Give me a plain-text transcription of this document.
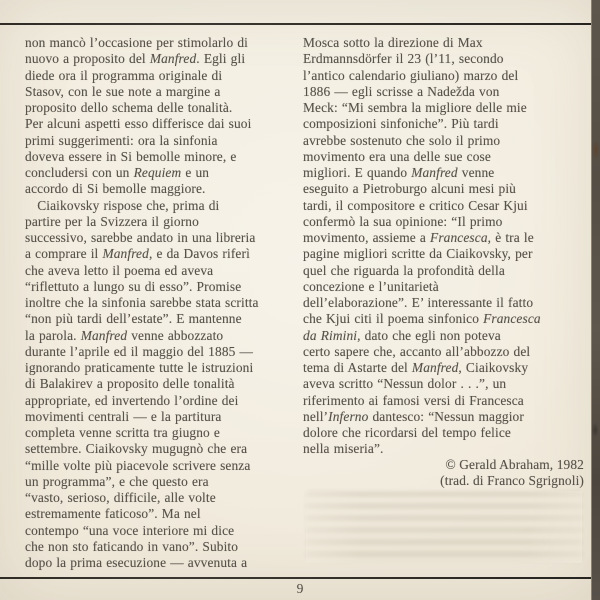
non mancò l’occasione per stimolarlo di
nuovo a proposito del Manfred. Egli gli
diede ora il programma originale di
Stasov, con le sue note a margine a
proposito dello schema delle tonalità.
Per alcuni aspetti esso differisce dai suoi
primi suggerimenti: ora la sinfonia
doveva essere in Si bemolle minore, e
concludersi con un Requiem e un
accordo di Si bemolle maggiore.
Ciaikovsky rispose che, prima di
partire per la Svizzera il giorno
successivo, sarebbe andato in una libreria
a comprare il Manfred, e da Davos riferì
che aveva letto il poema ed aveva
“riflettuto a lungo su di esso”. Promise
inoltre che la sinfonia sarebbe stata scritta
“non più tardi dell’estate”. E mantenne
la parola. Manfred venne abbozzato
durante l’aprile ed il maggio del 1885 —
ignorando praticamente tutte le istruzioni
di Balakirev a proposito delle tonalità
appropriate, ed invertendo l’ordine dei
movimenti centrali — e la partitura
completa venne scritta tra giugno e
settembre. Ciaikovsky mugugnò che era
“mille volte più piacevole scrivere senza
un programma”, e che questo era
“vasto, serioso, difficile, alle volte
estremamente faticoso”. Ma nel
contempo “una voce interiore mi dice
che non sto faticando in vano”. Subito
dopo la prima esecuzione — avvenuta a
Mosca sotto la direzione di Max
Erdmannsdörfer il 23 (l’11, secondo
l’antico calendario giuliano) marzo del
1886 — egli scrisse a Nadežda von
Meck: “Mi sembra la migliore delle mie
composizioni sinfoniche”. Più tardi
avrebbe sostenuto che solo il primo
movimento era una delle sue cose
migliori. E quando Manfred venne
eseguito a Pietroburgo alcuni mesi più
tardi, il compositore e critico Cesar Kjui
confermò la sua opinione: “Il primo
movimento, assieme a Francesca, è tra le
pagine migliori scritte da Ciaikovsky, per
quel che riguarda la profondità della
concezione e l’unitarietà
dell’elaborazione”. E’ interessante il fatto
che Kjui citi il poema sinfonico Francesca
da Rimini, dato che egli non poteva
certo sapere che, accanto all’abbozzo del
tema di Astarte del Manfred, Ciaikovsky
aveva scritto “Nessun dolor . . .”, un
riferimento ai famosi versi di Francesca
nell’Inferno dantesco: “Nessun maggior
dolore che ricordarsi del tempo felice
nella miseria”.
© Gerald Abraham, 1982
(trad. di Franco Sgrignoli)
9
